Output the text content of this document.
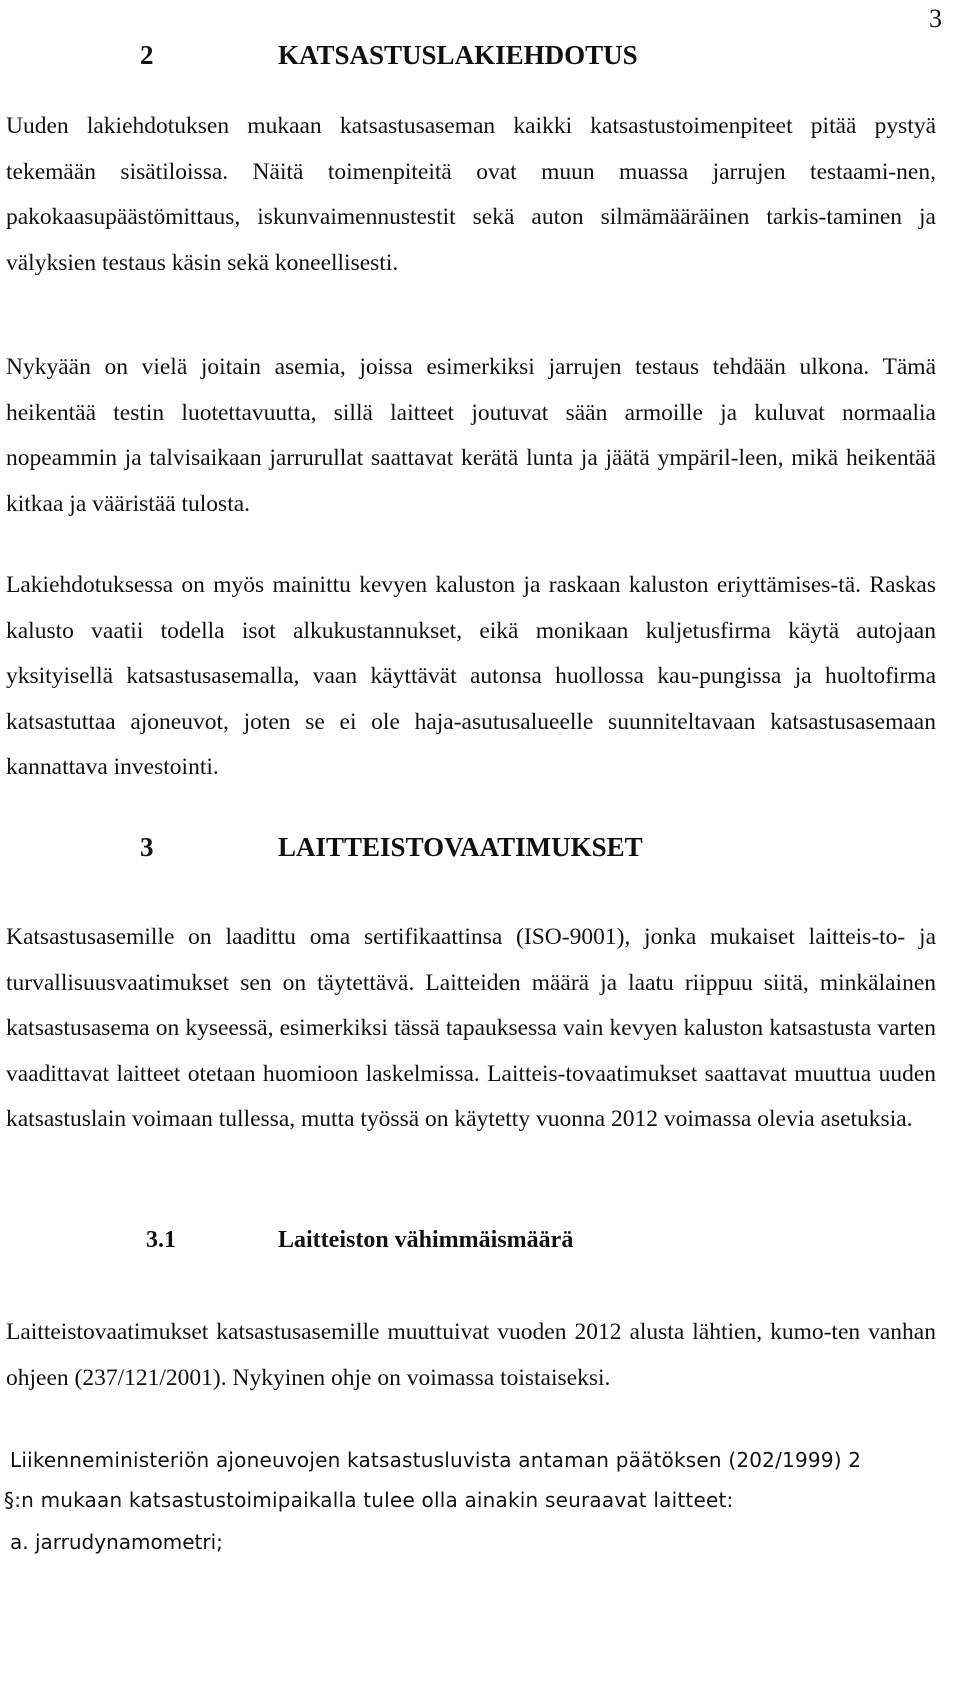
3
2	KATSASTUSLAKIEHDOTUS
Uuden lakiehdotuksen mukaan katsastusaseman kaikki katsastustoimenpiteet pitää pystyä tekemään sisätiloissa. Näitä toimenpiteitä ovat muun muassa jarrujen testaami-nen, pakokaasupäästömittaus, iskunvaimennustestit sekä auton silmämääräinen tarkis-taminen ja välyksien testaus käsin sekä koneellisesti.
Nykyään on vielä joitain asemia, joissa esimerkiksi jarrujen testaus tehdään ulkona. Tämä heikentää testin luotettavuutta, sillä laitteet joutuvat sään armoille ja kuluvat normaalia nopeammin ja talvisaikaan jarrurullat saattavat kerätä lunta ja jäätä ympäril-leen, mikä heikentää kitkaa ja vääristää tulosta.
Lakiehdotuksessa on myös mainittu kevyen kaluston ja raskaan kaluston eriyttämises-tä. Raskas kalusto vaatii todella isot alkukustannukset, eikä monikaan kuljetusfirma käytä autojaan yksityisellä katsastusasemalla, vaan käyttävät autonsa huollossa kau-pungissa ja huoltofirma katsastuttaa ajoneuvot, joten se ei ole haja-asutusalueelle suunniteltavaan katsastusasemaan kannattava investointi.
3	LAITTEISTOVAATIMUKSET
Katsastusasemille on laadittu oma sertifikaattinsa (ISO-9001), jonka mukaiset laitteis-to- ja turvallisuusvaatimukset sen on täytettävä. Laitteiden määrä ja laatu riippuu siitä, minkälainen katsastusasema on kyseessä, esimerkiksi tässä tapauksessa vain kevyen kaluston katsastusta varten vaadittavat laitteet otetaan huomioon laskelmissa. Laitteis-tovaatimukset saattavat muuttua uuden katsastuslain voimaan tullessa, mutta työssä on käytetty vuonna 2012 voimassa olevia asetuksia.
3.1	Laitteiston vähimmäismäärä
Laitteistovaatimukset katsastusasemille muuttuivat vuoden 2012 alusta lähtien, kumo-ten vanhan ohjeen (237/121/2001). Nykyinen ohje on voimassa toistaiseksi.
Liikenneministeriön ajoneuvojen katsastusluvista antaman päätöksen (202/1999) 2
§:n mukaan katsastustoimipaikalla tulee olla ainakin seuraavat laitteet:
a. jarrudynamometri;
